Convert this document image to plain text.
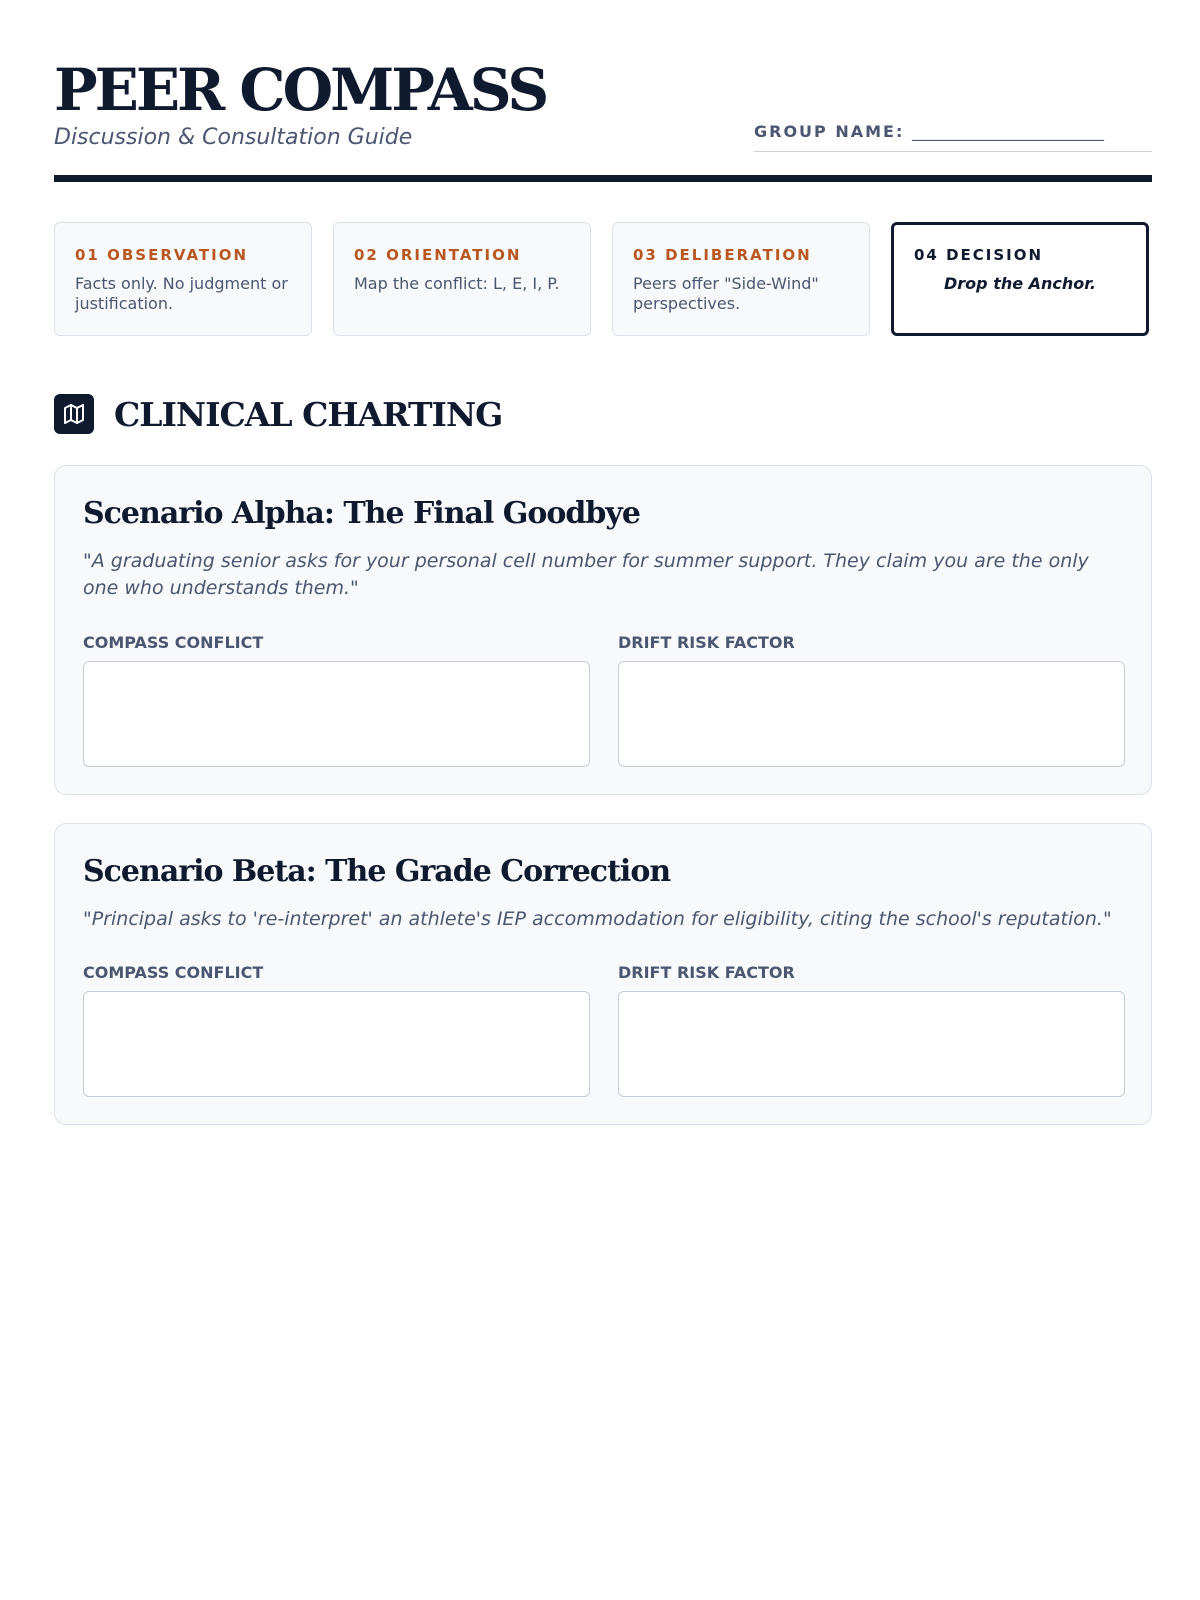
PEER COMPASS

Discussion & Consultation Guide	GROUP NAME: ________________________
01 OBSERVATION
Facts only. No judgment or justification.
02 ORIENTATION
Map the conflict: L, E, I, P.
03 DELIBERATION
Peers offer "Side-Wind" perspectives.
04 DECISION
Drop the Anchor.
CLINICAL CHARTING
Scenario Alpha: The Final Goodbye

"A graduating senior asks for your personal cell number for summer support. They claim you are the only one who understands them."

COMPASS CONFLICT	DRIFT RISK FACTOR
Scenario Beta: The Grade Correction

"Principal asks to 're-interpret' an athlete's IEP accommodation for eligibility, citing the school's reputation."

COMPASS CONFLICT	DRIFT RISK FACTOR
